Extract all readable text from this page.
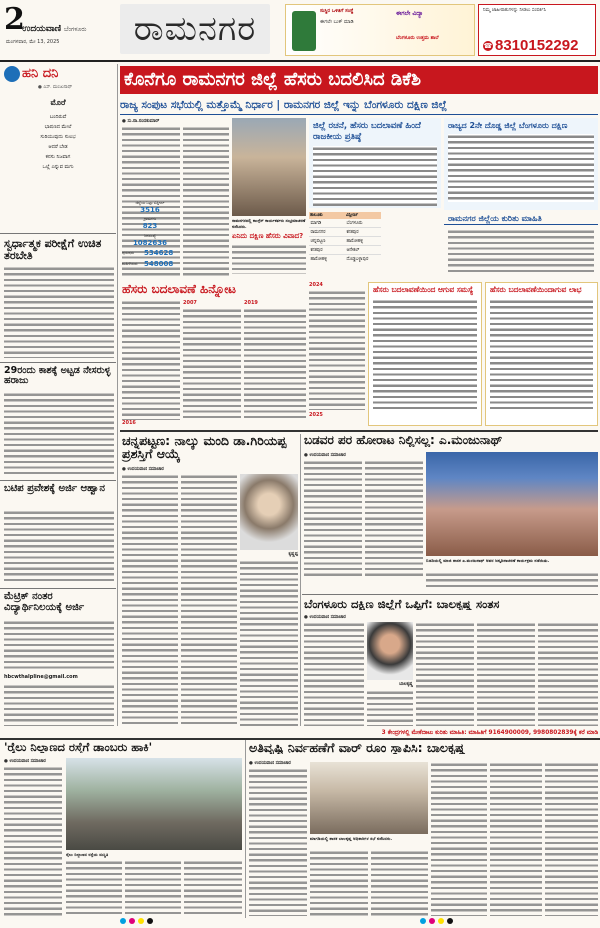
2
ಉದಯವಾಣಿ ಬೆಂಗಳೂರು
ಮಂಗಳವಾರ, ಮೇ 13, 2025	ರಾಮನಗರ	ಸುಸ್ಥಿರ ಒಳಿತಿಗೆ ಸಂಸ್ಥೆ
ಈಗಲೇ ಬುಕ್ ಮಾಡಿ
ಈಗಲೇ ವಿದ್ಯಾ
ಬೆಂಗಳೂರು ಉತ್ತಮ ಶಾಲೆ
ನಿಮ್ಮ ಜಾಹೀರಾತುಗಳನ್ನು ನೀಡಲು ಸಂಪರ್ಕಿಸಿ
☎ 8310152292
ಹನಿ ದನಿ
● ಎಸ್. ಮಂಜುನಾಥ್
ಮೊರೆ
ಬಂದಿರುವೆ
ಭಾಷಣದ ಮೇಲೆ
ಸುರಿಯುವುದು ಸುಲಭ
ಆದರೆ ಬೇಡ
ಕನಸು ನಿಜವಾಗ
ಒಲ್ಲೆ ಎನ್ನುವ ಮಗು
ಸ್ವರ್ಧಾತ್ಮಕ ಪರೀಕ್ಷೆಗೆ ಉಚಿತ ತರಬೇತಿ
29ರಂದು ಕಾಶಕ್ಕೆ ಅಟ್ಟಡ ನೇಸರುಳ್ಳ ಹರಾಜು
ಬಟಿಪ ಪ್ರವೇಶಕ್ಕೆ ಅರ್ಜಿ ಆಹ್ವಾನ
ಮೆಟ್ರಿಕ್ ನಂತರ ವಿದ್ಯಾರ್ಥಿನಿಲಯಕ್ಕೆ ಅರ್ಜಿ
hbcwthalpline@gmail.com
ಕೊನೆಗೂ ರಾಮನಗರ ಜಿಲ್ಲೆ ಹೆಸರು ಬದಲಿಸಿದ ಡಿಕೆಶಿ
ರಾಜ್ಯ ಸಂಪುಟ ಸಭೆಯಲ್ಲಿ ಮತ್ತೊಮ್ಮೆ ನಿರ್ಧಾರ | ರಾಮನಗರ ಜಿಲ್ಲೆ ಇನ್ನು ಬೆಂಗಳೂರು ದಕ್ಷಿಣ ಜಿಲ್ಲೆ
● ಸು.ನಾ.ನಂದಕುಮಾರ್
ಜಿಲ್ಲೆಯ ಒಟ್ಟು ವಿಸ್ತೀರ್ಣ
3516
ಗ್ರಾಮಗಳು
823
ಜನಸಂಖ್ಯೆ
1082636
ಪುರುಷರು	534628
ಮಹಿಳೆಯರು 548008
ರಾಮನಗರದಲ್ಲಿ ಕಾಂಗ್ರೆಸ್ ಕಾರ್ಯಕರ್ತರು ಸಂಭ್ರಮಾಚರಣೆ ನಡೆಸಿದರು.
ಏನಿದು ದಕ್ಷಿಣ ಹೆಸರು ವಿವಾದ?
ಜಿಲ್ಲೆ ರಚನೆ, ಹೆಸರು ಬದಲಾವಣೆ ಹಿಂದೆ ರಾಜಕೀಯ ಪ್ರತಿಷ್ಠೆ
ತಾಲೂಕು	ವಿಸ್ತೀರ್ಣ
ಮಾಗಡಿ	ಬೆಂಗಳೂರು
ರಾಮನಗರ	ಕನಕಪುರ
ಚನ್ನಪಟ್ಟಣ	ಹಾರೋಹಳ್ಳಿ
ಕನಕಪುರ	ಆನೇಕಲ್
ಹಾರೋಹಳ್ಳಿ	ದೊಡ್ಡಬಳ್ಳಾಪುರ
ರಾಜ್ಯದ 2ನೇ ದೊಡ್ಡ ಜಿಲ್ಲೆ ಬೆಂಗಳೂರು ದಕ್ಷಿಣ
ರಾಮನಗರ ಜಿಲ್ಲೆಯ ಕುರಿತು ಮಾಹಿತಿ
ಹೆಸರು ಬದಲಾವಣೆ ಹಿನ್ನೋಟ
2007
2016
2019
2024
2025
ಹೆಸರು ಬದಲಾವಣೆಯಿಂದ ಆಗುವ ಸಮಸ್ಯೆ	ಹೆಸರು ಬದಲಾವಣೆಯಿಂದಾಗುವ ಲಾಭ
ಚನ್ನಪಟ್ಟಣ: ನಾಲ್ಕು ಮಂದಿ ಡಾ.ಗಿರಿಯಪ್ಪ ಪ್ರಶಸ್ತಿಗೆ ಆಯ್ಕೆ
● ಉದಯವಾಣಿ ಸಮಾಚಾರ
ಕೃಷ್ಣಪ್ಪ
ಬಡವರ ಪರ ಹೋರಾಟ ನಿಲ್ಲಿಸಲ್ಲ: ಎ.ಮಂಜುನಾಥ್
● ಉದಯವಾಣಿ ಸಮಾಚಾರ
ಬಿಡದಿಯಲ್ಲಿ ಮಾಜಿ ಶಾಸಕ ಎ.ಮಂಜುನಾಥ್ ಅವರ ಜನ್ಮದಿನಾಚರಣೆ ಕಾರ್ಯಕ್ರಮ ನಡೆಯಿತು.
ಬೆಂಗಳೂರು ದಕ್ಷಿಣ ಜಿಲ್ಲೆಗೆ ಒಪ್ಪಿಗೆ: ಬಾಲಕೃಷ್ಣ ಸಂತಸ
● ಉದಯವಾಣಿ ಸಮಾಚಾರ
ಬಾಲಕೃಷ್ಣ
3 ಕೇಂದ್ರಗಳಲ್ಲಿ ಮೇಕೆದಾಟು ಕುರಿತು ಮಾಹಿತಿ: ಮಾಹಿತಿಗೆ 9164900009, 9980802839ಕ್ಕೆ ಕರೆ ಮಾಡಿ
'ರೈಲು ನಿಲ್ದಾಣದ ರಸ್ತೆಗೆ ಡಾಂಬರು ಹಾಕಿ'
● ಉದಯವಾಣಿ ಸಮಾಚಾರ
ರೈಲು ನಿಲ್ದಾಣದ ರಸ್ತೆಯ ದುಸ್ಥಿತಿ
ಅತಿವೃಷ್ಟಿ ನಿರ್ವಹಣೆಗೆ ವಾರ್ ರೂಂ ಸ್ಥಾಪಿಸಿ: ಬಾಲಕೃಷ್ಣ
● ಉದಯವಾಣಿ ಸಮಾಚಾರ
ಮಾಗಡಿಯಲ್ಲಿ ಶಾಸಕ ಬಾಲಕೃಷ್ಣ ಅಧಿಕಾರಿಗಳ ಸಭೆ ನಡೆಸಿದರು.
